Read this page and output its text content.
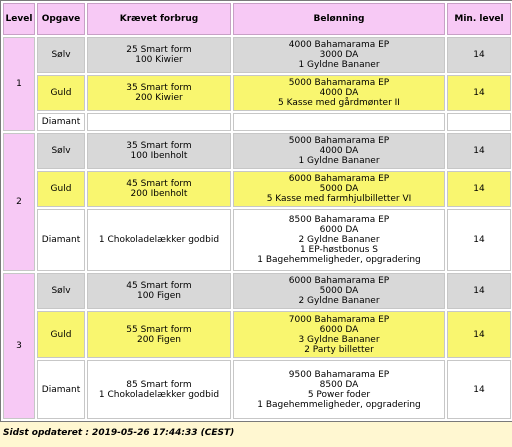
Level	Opgave	Krævet forbrug	Belønning	Min. level
1	Sølv	25 Smart form
100 Kiwier	4000 Bahamarama EP
3000 DA
1 Gyldne Bananer	14
	Guld	35 Smart form
200 Kiwier	5000 Bahamarama EP
4000 DA
5 Kasse med gårdmønter II	14
	Diamant			
2	Sølv	35 Smart form
100 Ibenholt	5000 Bahamarama EP
4000 DA
1 Gyldne Bananer	14
	Guld	45 Smart form
200 Ibenholt	6000 Bahamarama EP
5000 DA
5 Kasse med farmhjulbilletter VI	14
	Diamant	1 Chokoladelækker godbid	8500 Bahamarama EP
6000 DA
2 Gyldne Bananer
1 EP-høstbonus S
1 Bagehemmeligheder, opgradering	14
3	Sølv	45 Smart form
100 Figen	6000 Bahamarama EP
5000 DA
2 Gyldne Bananer	14
	Guld	55 Smart form
200 Figen	7000 Bahamarama EP
6000 DA
3 Gyldne Bananer
2 Party billetter	14
	Diamant	85 Smart form
1 Chokoladelækker godbid	9500 Bahamarama EP
8500 DA
5 Power foder
1 Bagehemmeligheder, opgradering	14
Sidst opdateret : 2019-05-26 17:44:33 (CEST)
